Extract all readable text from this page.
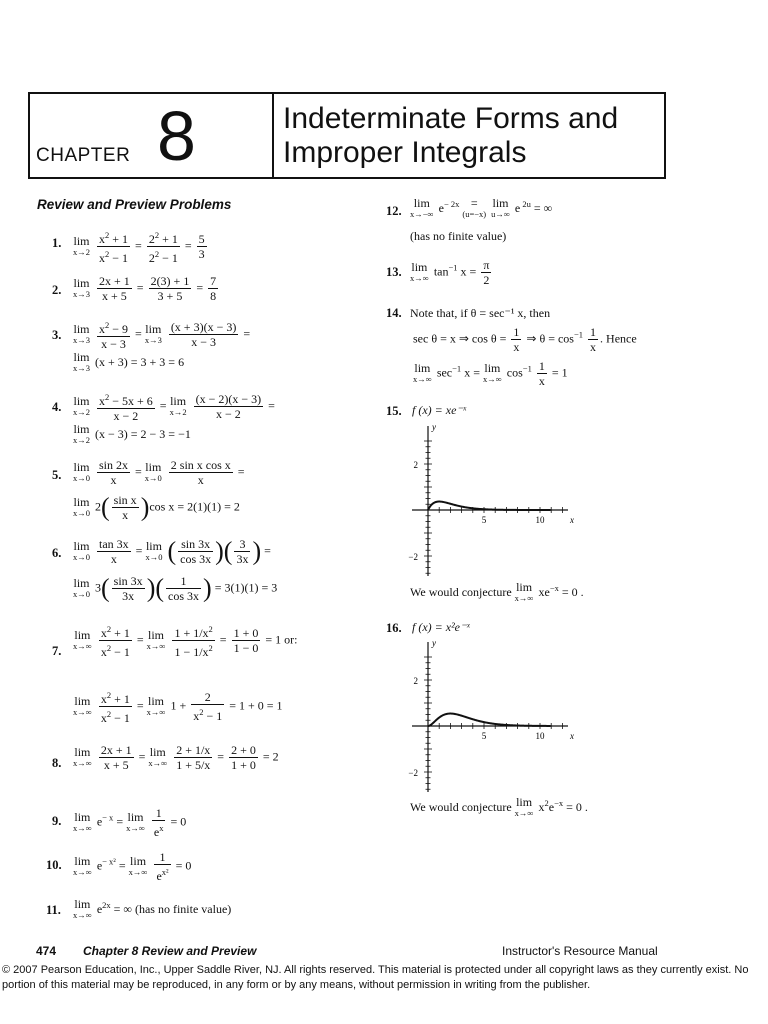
CHAPTER 8	Indeterminate Forms and
Improper Integrals
Review and Preview Problems
1. lim
x→2
$\frac{x^2 + 1}{x^2 - 1} = \frac{2^2 + 1}{2^2 - 1} = \frac{5}{3}$
2.
lim
x→3
$\frac{2x + 1}{x + 5} = \frac{2(3) + 1}{3 + 5} = \frac{7}{8}$
3. lim
x→3
$\frac{x^2 - 9}{x - 3} = \lim$
x→3
$\frac{(x + 3)(x - 3)}{x - 3}$ =
lim
x→3 (x + 3) = 3 + 3 = 6
4. lim
x→2
$\frac{x^2 - 5x + 6}{x - 2} = \lim$
x→2
$\frac{(x - 2)(x - 3)}{x - 2}$ =
lim
x→2 (x − 3) = 2 − 3 = −1
5.
lim
x→0
$\frac{\sin 2x}{x} = \lim$
x→0
$\frac{\text{2 sin x cos x}}{x}$ =
lim
x→0 $2( \frac{\text{sin x}}{x} )\cos$ x = 2(1)(1) = 2
6.
lim
x→0
$\frac{\tan 3x}{x} = \lim$
x→0 ( $\frac{\sin 3x}{\cos 3x}$ )( $\frac{3}{3x}$ ) =
lim
x→0 $3( \frac{\sin 3x}{3x}$ )( $\frac{1}{\cos 3x}$ ) = 3(1)(1) = 3
7.
lim
x→∞
$\frac{x^2 + 1}{x^2 - 1} = \lim$
x→∞
$\frac{1 + 1/x^2}{1 - 1/x^2} = \frac{1 + 0}{1 - 0} = 1$ or:
lim
x→∞
$\frac{x^2 + 1}{x^2 - 1} = \lim$
x→∞ $1 + \frac{2}{x^2 - 1} = 1 + 0 = 1$
8.
lim
x→∞
$\frac{2x + 1}{x + 5} = \lim$
x→∞
$\frac{2 + 1/x}{1 + 5/x} = \frac{2 + 0}{1 + 0} = 2$
9. lim
x→∞ $e^{- x} = \lim$
x→∞
$\frac{1}{e^x} = 0$
10. lim
x→∞ $e^{- x^2} = \lim$
x→∞
$\frac{1}{e^{x^2}} = 0$
11. lim
x→∞ $e^{2x}$ = ∞ (has no finite value)
12.
lim
x→−∞ $e^{- 2x}$ =
(u=−x)
lim
u→∞ e $^{2u}$ = ∞
(has no finite value)
13. lim
x→∞ $\tan^{-1} x = \frac{\pi}{2}$
14. Note that, if θ = sec⁻¹ x, then
sec θ = x ⇒ $\cos \theta = \frac{1}{x}$ ⇒ $\theta = \cos^{-1} \frac{1}{x}$ . Hence
lim
x→∞ $\sec^{-1} x = \lim$
x→∞ $\cos^{-1} \frac{1}{x} = 1$
15. f (x) = xe⁻ˣ
2
−2
5	10	x
y
We would conjecture lim
x→∞ $xe^{-x} = 0$ .
16. f (x) = x²e⁻ˣ
2
−2
5	10	x
y
We would conjecture lim
x→∞ $x^2e^{-x} = 0$ .
474 Chapter 8 Review and Preview	Instructor's Resource Manual
© 2007 Pearson Education, Inc., Upper Saddle River, NJ. All rights reserved. This material is protected under all copyright laws as they currently exist. No portion of this material may be reproduced, in any form or by any means, without permission in writing from the publisher.
